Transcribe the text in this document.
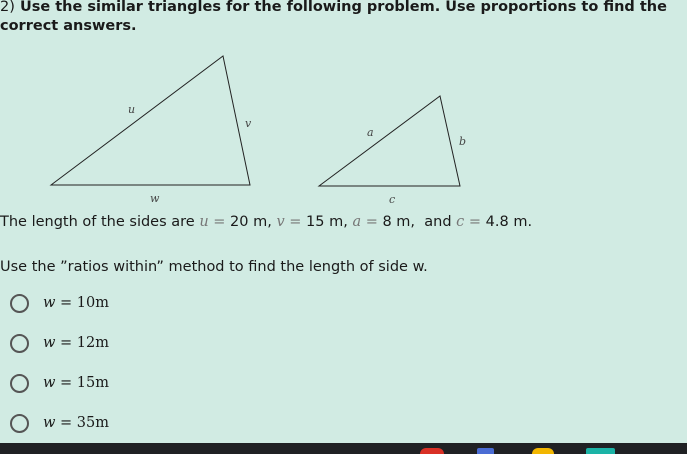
2) Use the similar triangles for the following problem. Use proportions to find the correct answers.
u
v
w
a
b
c
The length of the sides are u = 20 m, v = 15 m, a = 8 m, and c = 4.8 m.
Use the ”ratios within” method to find the length of side w.
w = 10m
w = 12m
w = 15m
w = 35m
